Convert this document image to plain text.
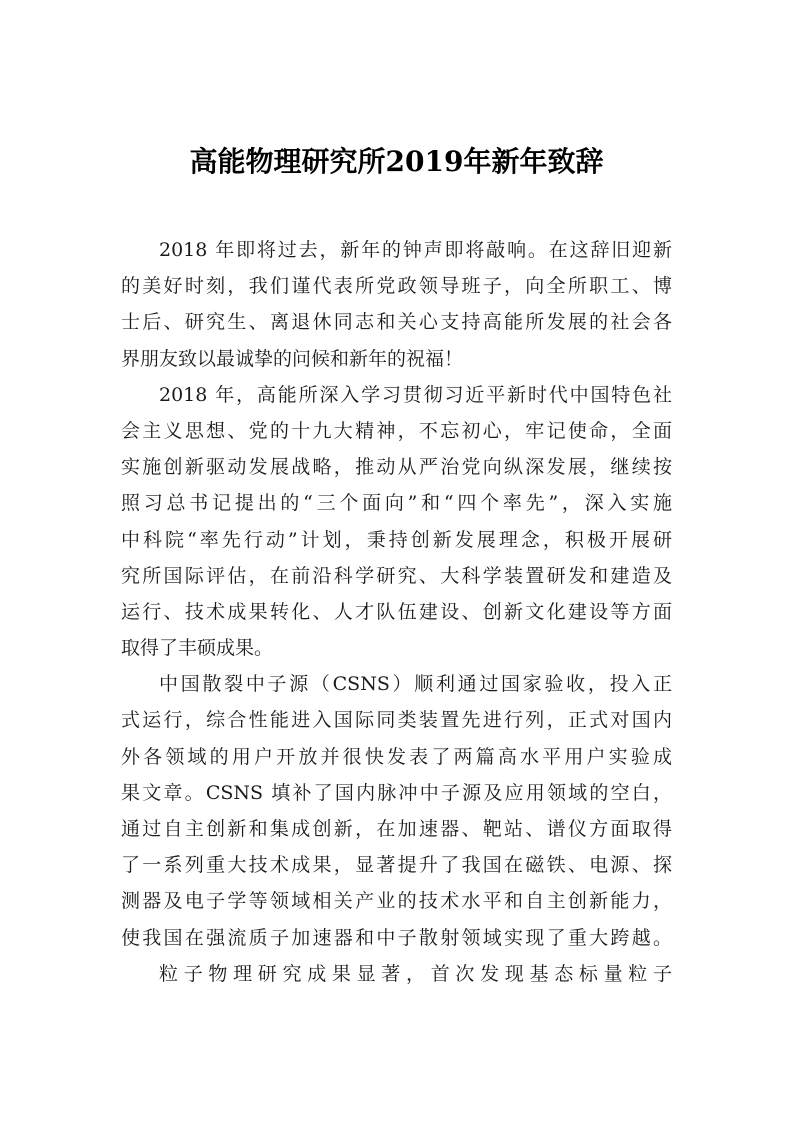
高能物理研究所2019年新年致辞
2018 年即将过去，新年的钟声即将敲响。在这辞旧迎新
的美好时刻，我们谨代表所党政领导班子，向全所职工、博
士后、研究生、离退休同志和关心支持高能所发展的社会各
界朋友致以最诚挚的问候和新年的祝福！
2018 年，高能所深入学习贯彻习近平新时代中国特色社
会主义思想、党的十九大精神，不忘初心，牢记使命，全面
实施创新驱动发展战略，推动从严治党向纵深发展，继续按
照习总书记提出的“三个面向”和“四个率先”，深入实施
中科院“率先行动”计划，秉持创新发展理念，积极开展研
究所国际评估，在前沿科学研究、大科学装置研发和建造及
运行、技术成果转化、人才队伍建设、创新文化建设等方面
取得了丰硕成果。
中国散裂中子源（CSNS）顺利通过国家验收，投入正
式运行，综合性能进入国际同类装置先进行列，正式对国内
外各领域的用户开放并很快发表了两篇高水平用户实验成
果文章。CSNS 填补了国内脉冲中子源及应用领域的空白，
通过自主创新和集成创新，在加速器、靶站、谱仪方面取得
了一系列重大技术成果，显著提升了我国在磁铁、电源、探
测器及电子学等领域相关产业的技术水平和自主创新能力，
使我国在强流质子加速器和中子散射领域实现了重大跨越。
粒子物理研究成果显著，首次发现基态标量粒子
